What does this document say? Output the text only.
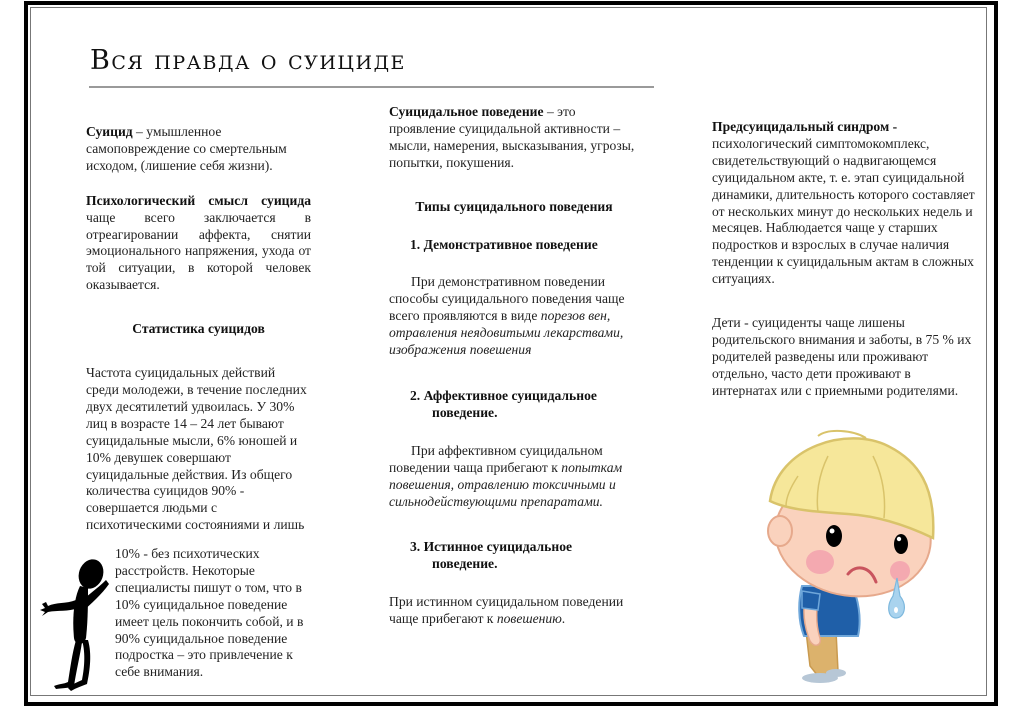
Вся правда о суициде

Суицид – умышленное самоповреждение со смертельным исходом, (лишение себя жизни).

Психологический смысл суицида чаще всего заключается в отреагировании аффекта, снятии эмоционального напряжения, ухода от той ситуации, в которой человек оказывается.

Статистика суицидов

Частота суицидальных действий среди молодежи, в течение последних двух десятилетий удвоилась. У 30% лиц в возрасте 14 – 24 лет бывают суицидальные мысли, 6% юношей и 10% девушек совершают суицидальные действия. Из общего количества суицидов 90% - совершается людьми с психотическими состояниями и лишь

10% - без психотических расстройств. Некоторые специалисты пишут о том, что в 10% суицидальное поведение имеет цель покончить собой, и в 90% суицидальное поведение подростка – это привлечение к себе внимания.

Суицидальное поведение – это проявление суицидальной активности – мысли, намерения, высказывания, угрозы, попытки, покушения.

Типы суицидального поведения

1. Демонстративное поведение

При демонстративном поведении способы суицидального поведения чаще всего проявляются в виде порезов вен, отравления неядовитыми лекарствами, изображения повешения

2. Аффективное суицидальное
поведение.

При аффективном суицидальном поведении чаща прибегают к попыткам повешения, отравлению токсичными и сильнодействующими препаратами.

3. Истинное суицидальное
поведение.

При истинном суицидальном поведении чаще прибегают к повешению.

Предсуицидальный синдром -
психологический симптомокомплекс, свидетельствующий о надвигающемся суицидальном акте, т. е. этап суицидальной динамики, длительность которого составляет от нескольких минут до нескольких недель и месяцев. Наблюдается чаще у старших подростков и взрослых в случае наличия тенденции к суицидальным актам в сложных ситуациях.

Дети - суициденты чаще лишены родительского внимания и заботы, в 75 % их родителей разведены или проживают отдельно, часто дети проживают в интернатах или с приемными родителями.
